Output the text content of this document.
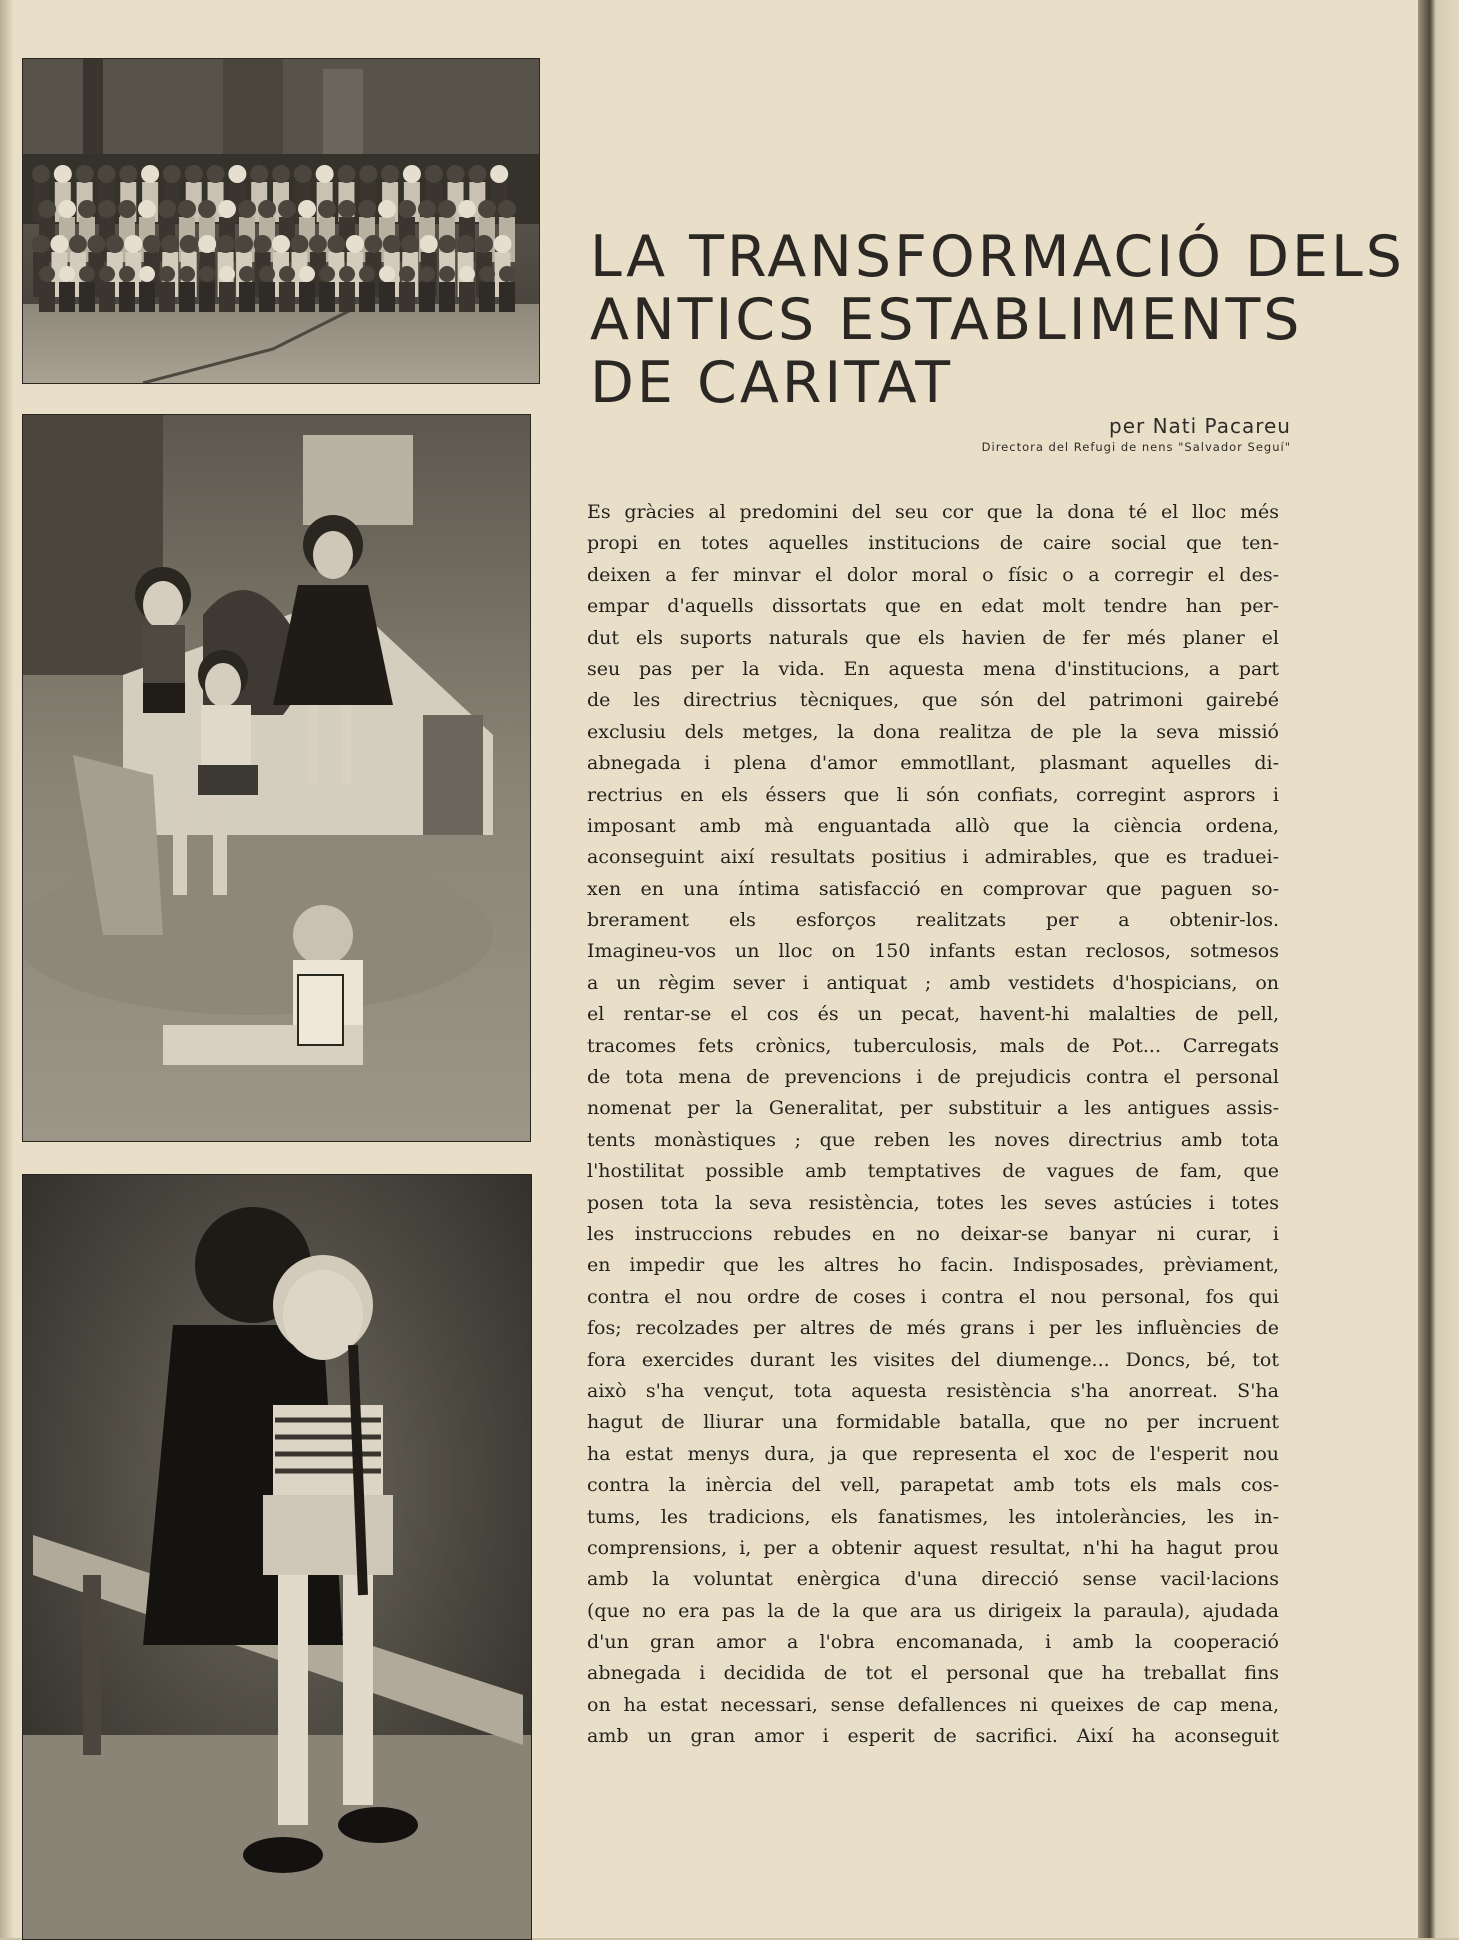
LA TRANSFORMACIÓ DELS
ANTICS ESTABLIMENTS
DE CARITAT
per Nati Pacareu
Directora del Refugi de nens "Salvador Seguí"
Es gràcies al predomini del seu cor que la dona té el lloc més
propi en totes aquelles institucions de caire social que ten-
deixen a fer minvar el dolor moral o físic o a corregir el des-
empar d'aquells dissortats que en edat molt tendre han per-
dut els suports naturals que els havien de fer més planer el
seu pas per la vida. En aquesta mena d'institucions, a part
de les directrius tècniques, que són del patrimoni gairebé
exclusiu dels metges, la dona realitza de ple la seva missió
abnegada i plena d'amor emmotllant, plasmant aquelles di-
rectrius en els éssers que li són confiats, corregint asprors i
imposant amb mà enguantada allò que la ciència ordena,
aconseguint així resultats positius i admirables, que es traduei-
xen en una íntima satisfacció en comprovar que paguen so-
brerament els esforços realitzats per a obtenir-los.
Imagineu-vos un lloc on 150 infants estan reclosos, sotmesos
a un règim sever i antiquat ; amb vestidets d'hospicians, on
el rentar-se el cos és un pecat, havent-hi malalties de pell,
tracomes fets crònics, tuberculosis, mals de Pot... Carregats
de tota mena de prevencions i de prejudicis contra el personal
nomenat per la Generalitat, per substituir a les antigues assis-
tents monàstiques ; que reben les noves directrius amb tota
l'hostilitat possible amb temptatives de vagues de fam, que
posen tota la seva resistència, totes les seves astúcies i totes
les instruccions rebudes en no deixar-se banyar ni curar, i
en impedir que les altres ho facin. Indisposades, prèviament,
contra el nou ordre de coses i contra el nou personal, fos qui
fos; recolzades per altres de més grans i per les influències de
fora exercides durant les visites del diumenge... Doncs, bé, tot
això s'ha vençut, tota aquesta resistència s'ha anorreat. S'ha
hagut de lliurar una formidable batalla, que no per incruent
ha estat menys dura, ja que representa el xoc de l'esperit nou
contra la inèrcia del vell, parapetat amb tots els mals cos-
tums, les tradicions, els fanatismes, les intoleràncies, les in-
comprensions, i, per a obtenir aquest resultat, n'hi ha hagut prou
amb la voluntat enèrgica d'una direcció sense vacil·lacions
(que no era pas la de la que ara us dirigeix la paraula), ajudada
d'un gran amor a l'obra encomanada, i amb la cooperació
abnegada i decidida de tot el personal que ha treballat fins
on ha estat necessari, sense defallences ni queixes de cap mena,
amb un gran amor i esperit de sacrifici. Així ha aconseguit
